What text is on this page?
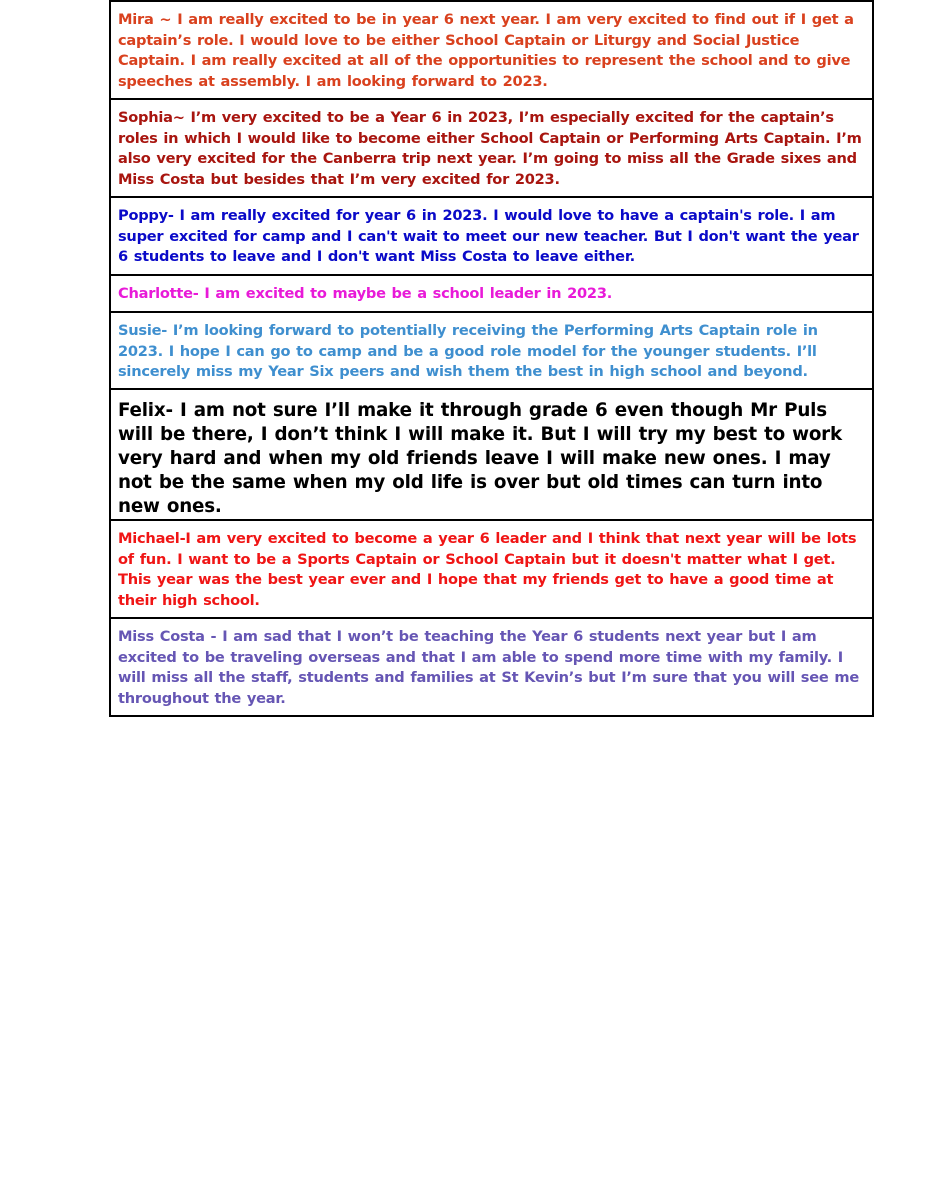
Mira ~ I am really excited to be in year 6 next year. I am very excited to find out if I get a captain’s role. I would love to be either School Captain or Liturgy and Social Justice Captain. I am really excited at all of the opportunities to represent the school and to give speeches at assembly. I am looking forward to 2023.

Sophia~ I’m very excited to be a Year 6 in 2023, I’m especially excited for the captain’s roles in which I would like to become either School Captain or Performing Arts Captain. I’m also very excited for the Canberra trip next year. I’m going to miss all the Grade sixes and Miss Costa but besides that I’m very excited for 2023.

Poppy- I am really excited for year 6 in 2023. I would love to have a captain's role. I am super excited for camp and I can't wait to meet our new teacher. But I don't want the year 6 students to leave and I don't want Miss Costa to leave either.

Charlotte- I am excited to maybe be a school leader in 2023.

Susie- I’m looking forward to potentially receiving the Performing Arts Captain role in 2023. I hope I can go to camp and be a good role model for the younger students. I’ll sincerely miss my Year Six peers and wish them the best in high school and beyond.

Felix- I am not sure I’ll make it through grade 6 even though Mr Puls will be there, I don’t think I will make it. But I will try my best to work very hard and when my old friends leave I will make new ones. I may not be the same when my old life is over but old times can turn into new ones.

Michael-I am very excited to become a year 6 leader and I think that next year will be lots of fun. I want to be a Sports Captain or School Captain but it doesn't matter what I get. This year was the best year ever and I hope that my friends get to have a good time at their high school.

Miss Costa - I am sad that I won’t be teaching the Year 6 students next year but I am excited to be traveling overseas and that I am able to spend more time with my family. I will miss all the staff, students and families at St Kevin’s but I’m sure that you will see me throughout the year.
